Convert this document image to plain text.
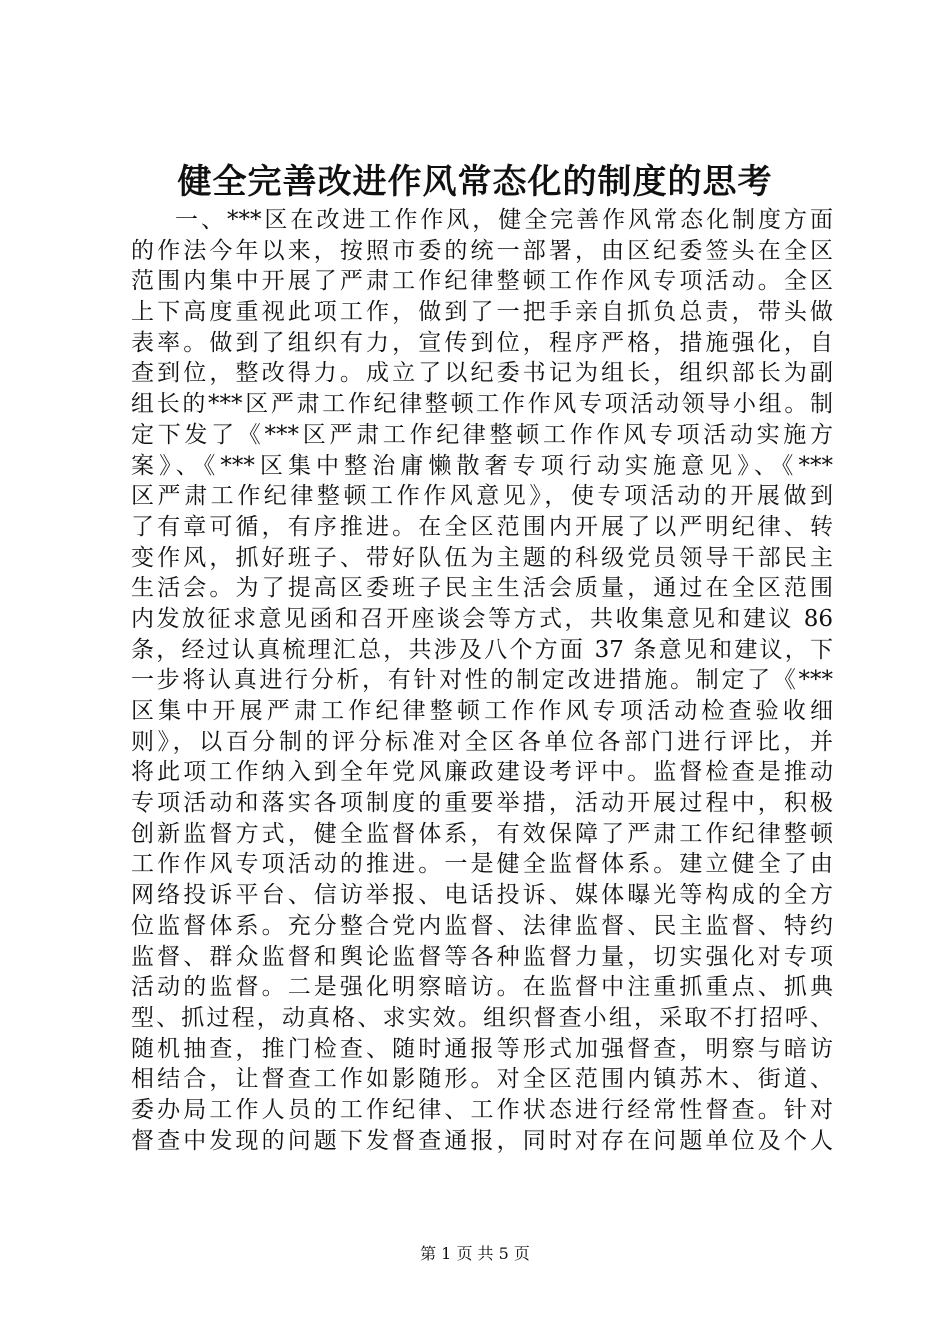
健全完善改进作风常态化的制度的思考
一、***区在改进工作作风，健全完善作风常态化制度方面
的作法今年以来，按照市委的统一部署，由区纪委签头在全区
范围内集中开展了严肃工作纪律整顿工作作风专项活动。全区
上下高度重视此项工作，做到了一把手亲自抓负总责，带头做
表率。做到了组织有力，宣传到位，程序严格，措施强化，自
查到位，整改得力。成立了以纪委书记为组长，组织部长为副
组长的***区严肃工作纪律整顿工作作风专项活动领导小组。制
定下发了《***区严肃工作纪律整顿工作作风专项活动实施方
案》、《***区集中整治庸懒散奢专项行动实施意见》、《***
区严肃工作纪律整顿工作作风意见》，使专项活动的开展做到
了有章可循，有序推进。在全区范围内开展了以严明纪律、转
变作风，抓好班子、带好队伍为主题的科级党员领导干部民主
生活会。为了提高区委班子民主生活会质量，通过在全区范围
内发放征求意见函和召开座谈会等方式，共收集意见和建议 86
条，经过认真梳理汇总，共涉及八个方面 37 条意见和建议，下
一步将认真进行分析，有针对性的制定改进措施。制定了《***
区集中开展严肃工作纪律整顿工作作风专项活动检查验收细
则》，以百分制的评分标准对全区各单位各部门进行评比，并
将此项工作纳入到全年党风廉政建设考评中。监督检查是推动
专项活动和落实各项制度的重要举措，活动开展过程中，积极
创新监督方式，健全监督体系，有效保障了严肃工作纪律整顿
工作作风专项活动的推进。一是健全监督体系。建立健全了由
网络投诉平台、信访举报、电话投诉、媒体曝光等构成的全方
位监督体系。充分整合党内监督、法律监督、民主监督、特约
监督、群众监督和舆论监督等各种监督力量，切实强化对专项
活动的监督。二是强化明察暗访。在监督中注重抓重点、抓典
型、抓过程，动真格、求实效。组织督查小组，采取不打招呼、
随机抽查，推门检查、随时通报等形式加强督查，明察与暗访
相结合，让督查工作如影随形。对全区范围内镇苏木、街道、
委办局工作人员的工作纪律、工作状态进行经常性督查。针对
督查中发现的问题下发督查通报，同时对存在问题单位及个人
第 1 页 共 5 页
